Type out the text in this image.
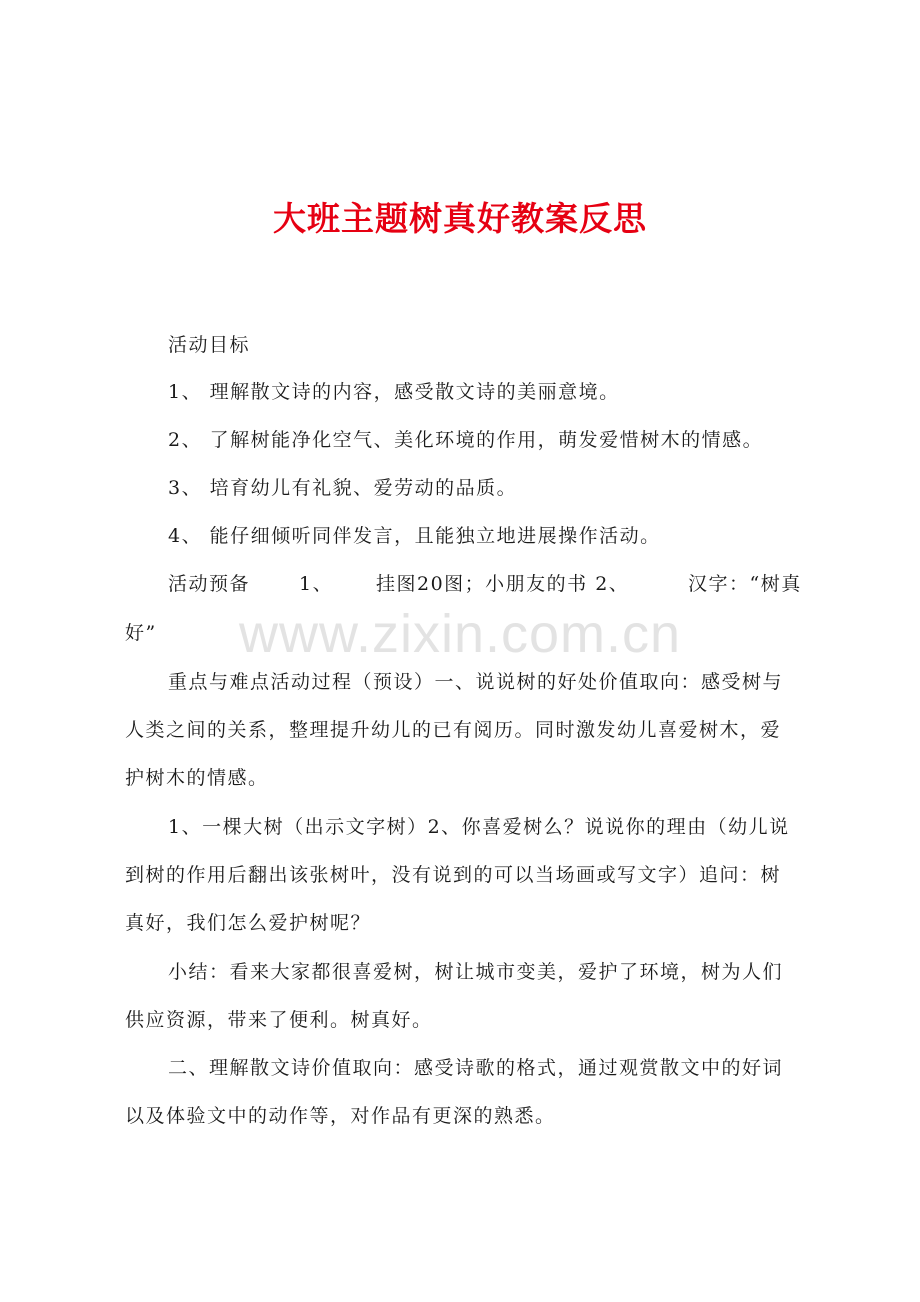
大班主题树真好教案反思
www.zixin.com.cn
活动目标
1、 理解散文诗的内容，感受散文诗的美丽意境。
2、 了解树能净化空气、美化环境的作用，萌发爱惜树木的情感。
3、 培育幼儿有礼貌、爱劳动的品质。
4、 能仔细倾听同伴发言，且能独立地进展操作活动。
活动预备	1、 挂图20图；小朋友的书 2、	汉字：“树真
好”
重点与难点活动过程（预设）一、说说树的好处价值取向：感受树与
人类之间的关系，整理提升幼儿的已有阅历。同时激发幼儿喜爱树木，爱
护树木的情感。
1、一棵大树（出示文字树）2、你喜爱树么？说说你的理由（幼儿说
到树的作用后翻出该张树叶，没有说到的可以当场画或写文字）追问：树
真好，我们怎么爱护树呢？
小结：看来大家都很喜爱树，树让城市变美，爱护了环境，树为人们
供应资源，带来了便利。树真好。
二、理解散文诗价值取向：感受诗歌的格式，通过观赏散文中的好词
以及体验文中的动作等，对作品有更深的熟悉。
